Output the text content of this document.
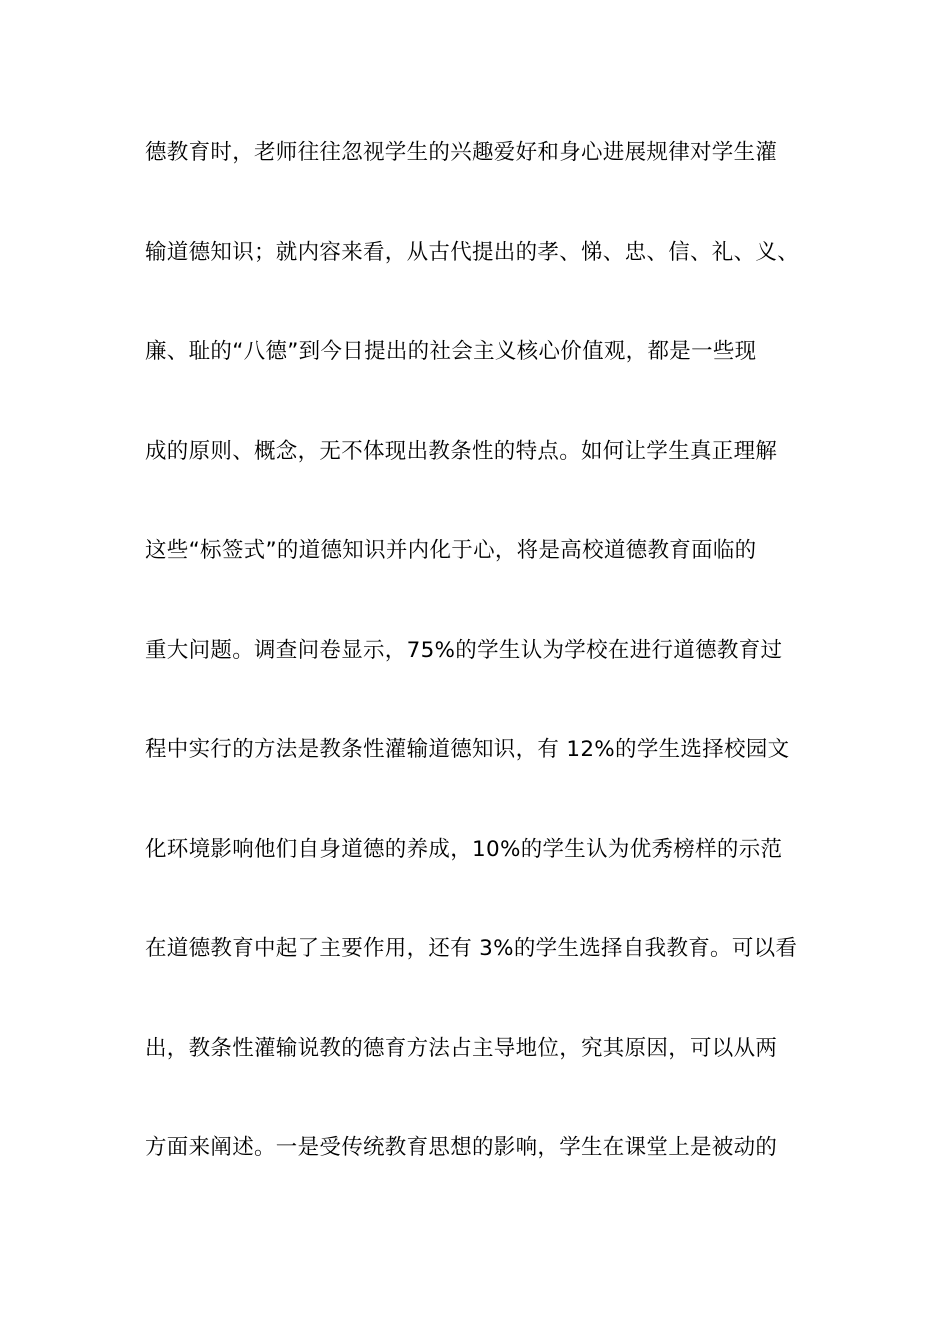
德教育时，老师往往忽视学生的兴趣爱好和身心进展规律对学生灌
输道德知识；就内容来看，从古代提出的孝、悌、忠、信、礼、义、
廉、耻的“八德”到今日提出的社会主义核心价值观，都是一些现
成的原则、概念，无不体现出教条性的特点。如何让学生真正理解
这些“标签式”的道德知识并内化于心，将是高校道德教育面临的
重大问题。调查问卷显示，75%的学生认为学校在进行道德教育过
程中实行的方法是教条性灌输道德知识，有 12%的学生选择校园文
化环境影响他们自身道德的养成，10%的学生认为优秀榜样的示范
在道德教育中起了主要作用，还有 3%的学生选择自我教育。可以看
出，教条性灌输说教的德育方法占主导地位，究其原因，可以从两
方面来阐述。一是受传统教育思想的影响，学生在课堂上是被动的
